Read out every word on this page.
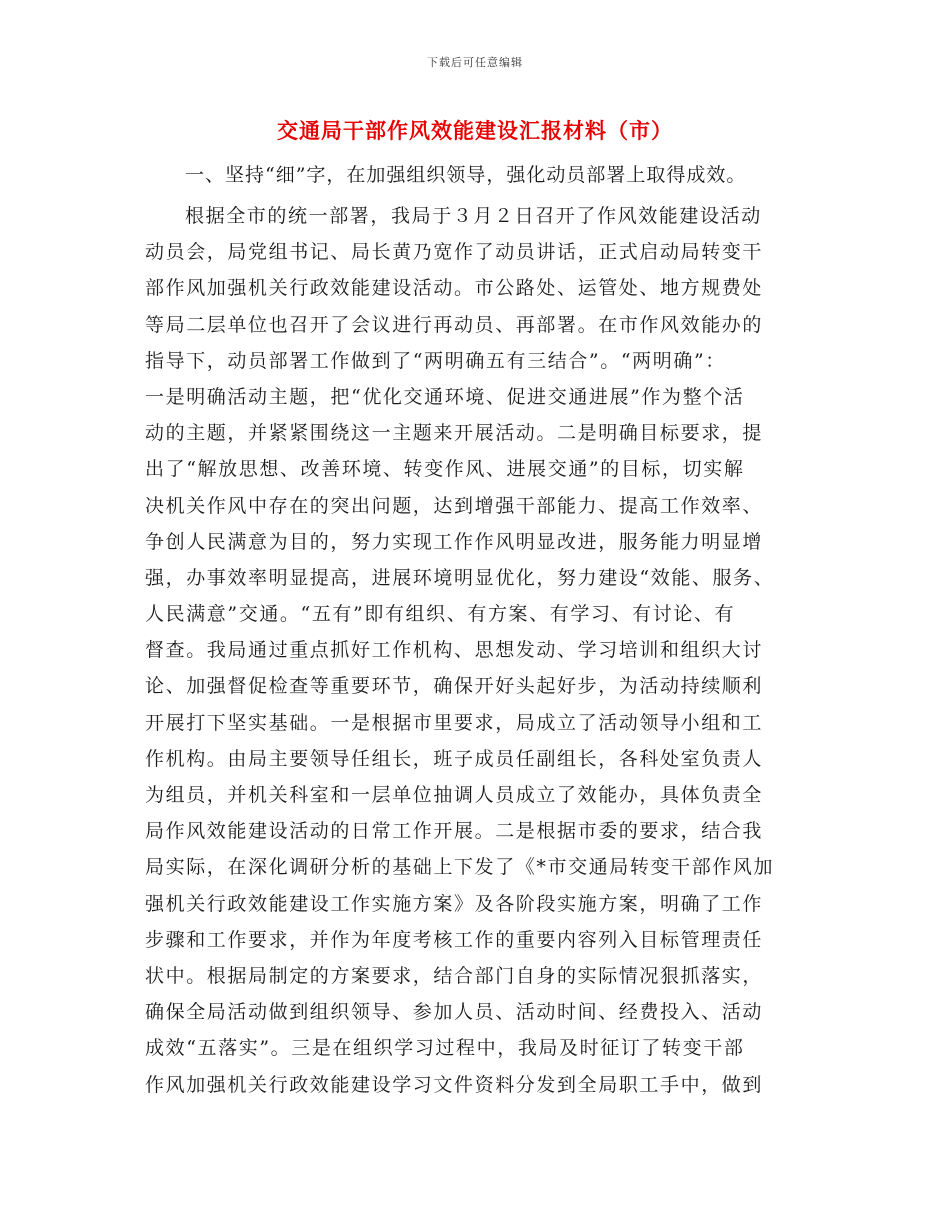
下载后可任意编辑
交通局干部作风效能建设汇报材料（市）
一、坚持“细”字，在加强组织领导，强化动员部署上取得成效。
根据全市的统一部署，我局于３月２日召开了作风效能建设活动
动员会，局党组书记、局长黄乃宽作了动员讲话，正式启动局转变干
部作风加强机关行政效能建设活动。市公路处、运管处、地方规费处
等局二层单位也召开了会议进行再动员、再部署。在市作风效能办的
指导下，动员部署工作做到了“两明确五有三结合”。“两明确”：
一是明确活动主题，把“优化交通环境、促进交通进展”作为整个活
动的主题，并紧紧围绕这一主题来开展活动。二是明确目标要求，提
出了“解放思想、改善环境、转变作风、进展交通”的目标，切实解
决机关作风中存在的突出问题，达到增强干部能力、提高工作效率、
争创人民满意为目的，努力实现工作作风明显改进，服务能力明显增
强，办事效率明显提高，进展环境明显优化，努力建设“效能、服务、
人民满意”交通。“五有”即有组织、有方案、有学习、有讨论、有
督查。我局通过重点抓好工作机构、思想发动、学习培训和组织大讨
论、加强督促检查等重要环节，确保开好头起好步，为活动持续顺利
开展打下坚实基础。一是根据市里要求，局成立了活动领导小组和工
作机构。由局主要领导任组长，班子成员任副组长，各科处室负责人
为组员，并机关科室和一层单位抽调人员成立了效能办，具体负责全
局作风效能建设活动的日常工作开展。二是根据市委的要求，结合我
局实际，在深化调研分析的基础上下发了《*市交通局转变干部作风加
强机关行政效能建设工作实施方案》及各阶段实施方案，明确了工作
步骤和工作要求，并作为年度考核工作的重要内容列入目标管理责任
状中。根据局制定的方案要求，结合部门自身的实际情况狠抓落实，
确保全局活动做到组织领导、参加人员、活动时间、经费投入、活动
成效“五落实”。三是在组织学习过程中，我局及时征订了转变干部
作风加强机关行政效能建设学习文件资料分发到全局职工手中，做到
